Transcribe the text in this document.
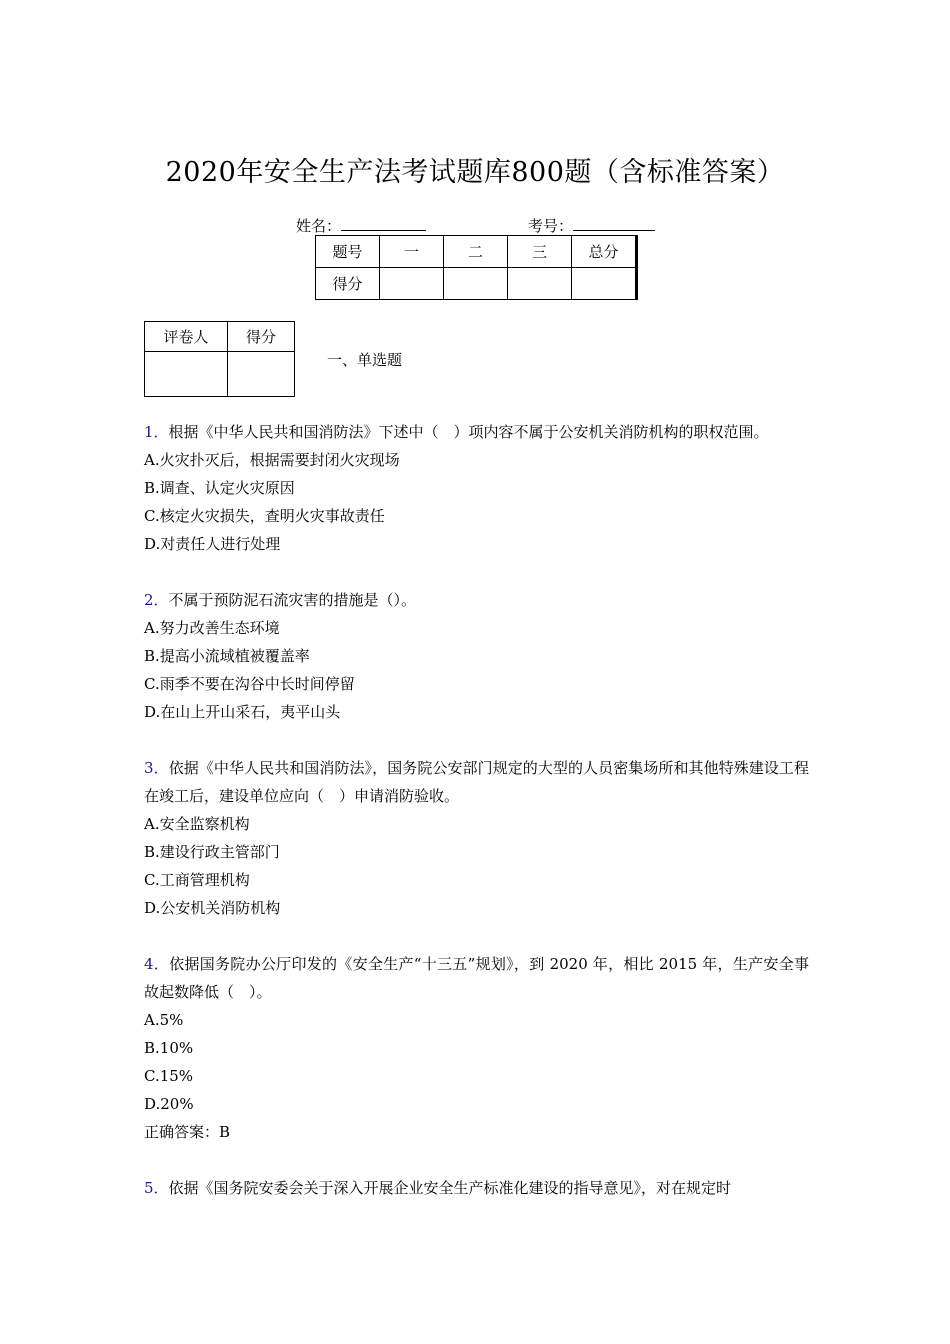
2020年安全生产法考试题库800题（含标准答案）
姓名：	考号：
题号	一	二	三	总分
得分				
评卷人	得分

一、单选题
1．根据《中华人民共和国消防法》下述中（　）项内容不属于公安机关消防机构的职权范围。
A.火灾扑灭后，根据需要封闭火灾现场
B.调查、认定火灾原因
C.核定火灾损失，查明火灾事故责任
D.对责任人进行处理
2．不属于预防泥石流灾害的措施是（）。
A.努力改善生态环境
B.提高小流域植被覆盖率
C.雨季不要在沟谷中长时间停留
D.在山上开山采石，夷平山头
3．依据《中华人民共和国消防法》，国务院公安部门规定的大型的人员密集场所和其他特殊建设工程在竣工后，建设单位应向（　）申请消防验收。
A.安全监察机构
B.建设行政主管部门
C.工商管理机构
D.公安机关消防机构
4．依据国务院办公厅印发的《安全生产“十三五”规划》，到 2020 年，相比 2015 年，生产安全事故起数降低（　）。
A.5%
B.10%
C.15%
D.20%
正确答案：B
5．依据《国务院安委会关于深入开展企业安全生产标准化建设的指导意见》，对在规定时
